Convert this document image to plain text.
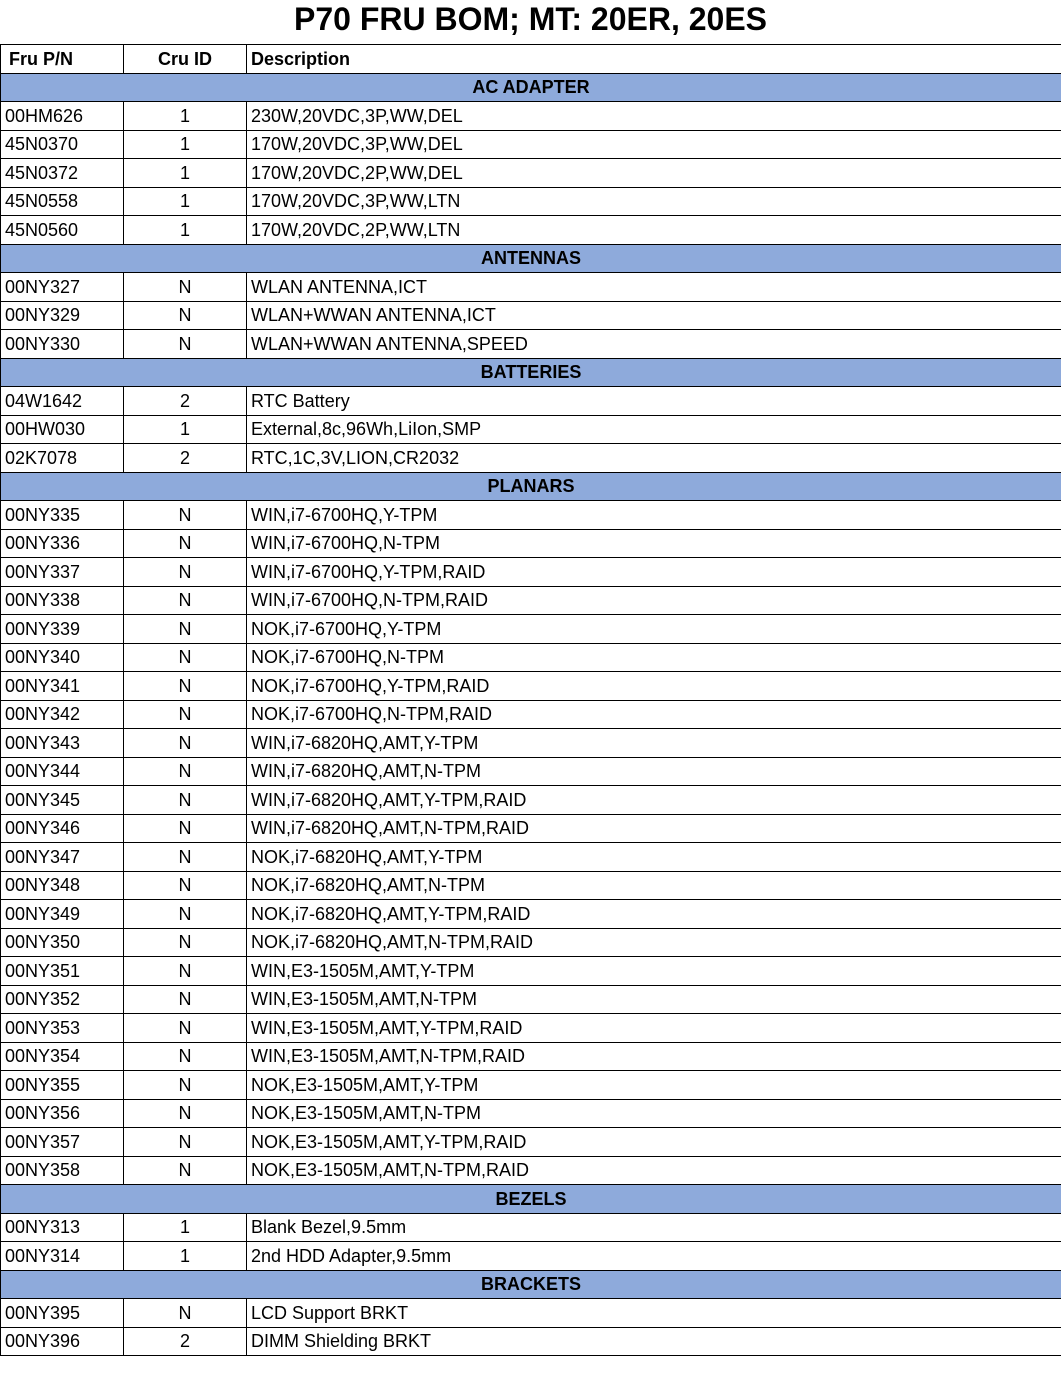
P70 FRU BOM; MT: 20ER, 20ES
Fru P/N	Cru ID	Description
AC ADAPTER		
00HM626	1	230W,20VDC,3P,WW,DEL
45N0370	1	170W,20VDC,3P,WW,DEL
45N0372	1	170W,20VDC,2P,WW,DEL
45N0558	1	170W,20VDC,3P,WW,LTN
45N0560	1	170W,20VDC,2P,WW,LTN
ANTENNAS		
00NY327	N	WLAN ANTENNA,ICT
00NY329	N	WLAN+WWAN ANTENNA,ICT
00NY330	N	WLAN+WWAN ANTENNA,SPEED
BATTERIES		
04W1642	2	RTC Battery
00HW030	1	External,8c,96Wh,LiIon,SMP
02K7078	2	RTC,1C,3V,LION,CR2032
PLANARS		
00NY335	N	WIN,i7-6700HQ,Y-TPM
00NY336	N	WIN,i7-6700HQ,N-TPM
00NY337	N	WIN,i7-6700HQ,Y-TPM,RAID
00NY338	N	WIN,i7-6700HQ,N-TPM,RAID
00NY339	N	NOK,i7-6700HQ,Y-TPM
00NY340	N	NOK,i7-6700HQ,N-TPM
00NY341	N	NOK,i7-6700HQ,Y-TPM,RAID
00NY342	N	NOK,i7-6700HQ,N-TPM,RAID
00NY343	N	WIN,i7-6820HQ,AMT,Y-TPM
00NY344	N	WIN,i7-6820HQ,AMT,N-TPM
00NY345	N	WIN,i7-6820HQ,AMT,Y-TPM,RAID
00NY346	N	WIN,i7-6820HQ,AMT,N-TPM,RAID
00NY347	N	NOK,i7-6820HQ,AMT,Y-TPM
00NY348	N	NOK,i7-6820HQ,AMT,N-TPM
00NY349	N	NOK,i7-6820HQ,AMT,Y-TPM,RAID
00NY350	N	NOK,i7-6820HQ,AMT,N-TPM,RAID
00NY351	N	WIN,E3-1505M,AMT,Y-TPM
00NY352	N	WIN,E3-1505M,AMT,N-TPM
00NY353	N	WIN,E3-1505M,AMT,Y-TPM,RAID
00NY354	N	WIN,E3-1505M,AMT,N-TPM,RAID
00NY355	N	NOK,E3-1505M,AMT,Y-TPM
00NY356	N	NOK,E3-1505M,AMT,N-TPM
00NY357	N	NOK,E3-1505M,AMT,Y-TPM,RAID
00NY358	N	NOK,E3-1505M,AMT,N-TPM,RAID
BEZELS		
00NY313	1	Blank Bezel,9.5mm
00NY314	1	2nd HDD Adapter,9.5mm
BRACKETS		
00NY395	N	LCD Support BRKT
00NY396	2	DIMM Shielding BRKT
